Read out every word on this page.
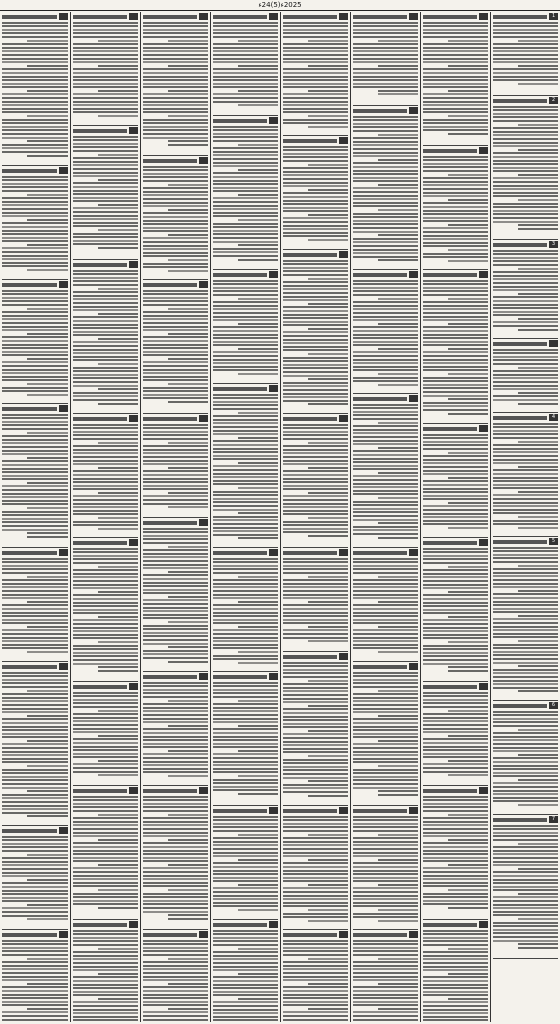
2025ء(5)24ء
1
2
3
4
5
6
7
